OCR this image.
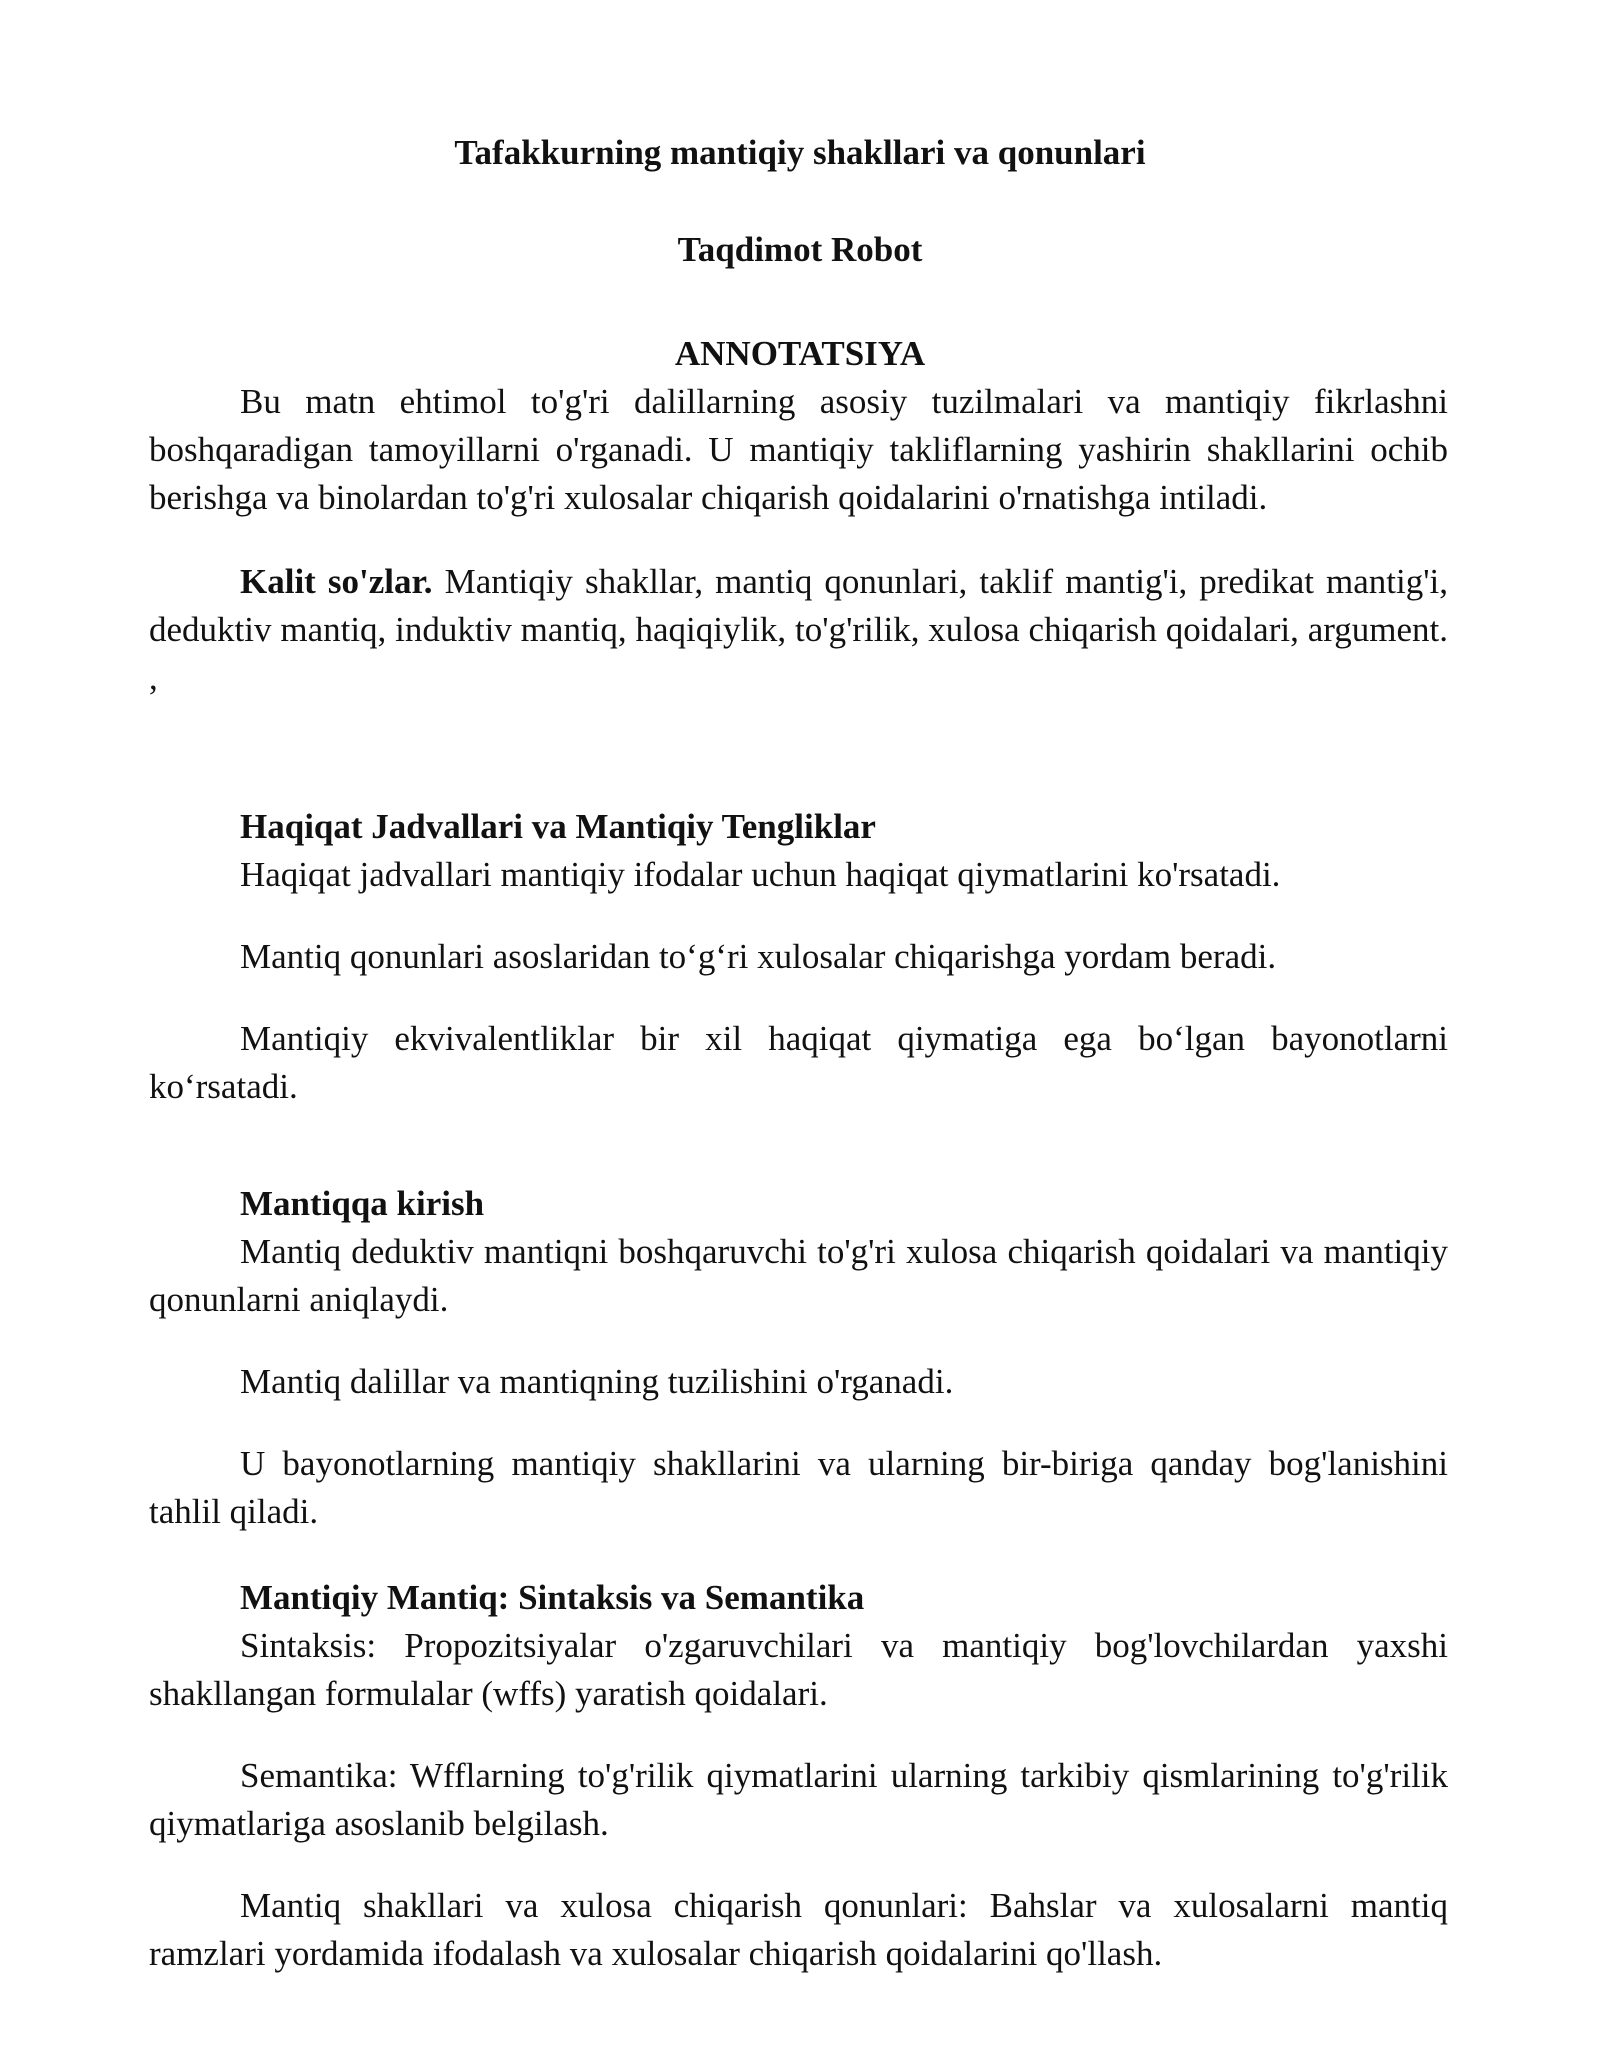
Tafakkurning mantiqiy shakllari va qonunlari
Taqdimot Robot
ANNOTATSIYA

Bu matn ehtimol to'g'ri dalillarning asosiy tuzilmalari va mantiqiy fikrlashni boshqaradigan tamoyillarni o'rganadi. U mantiqiy takliflarning yashirin shakllarini ochib berishga va binolardan to'g'ri xulosalar chiqarish qoidalarini o'rnatishga intiladi.

Kalit so'zlar. Mantiqiy shakllar, mantiq qonunlari, taklif mantig'i, predikat mantig'i, deduktiv mantiq, induktiv mantiq, haqiqiylik, to'g'rilik, xulosa chiqarish qoidalari, argument. ,

Haqiqat Jadvallari va Mantiqiy Tengliklar

Haqiqat jadvallari mantiqiy ifodalar uchun haqiqat qiymatlarini ko'rsatadi.

Mantiq qonunlari asoslaridan to‘g‘ri xulosalar chiqarishga yordam beradi.

Mantiqiy ekvivalentliklar bir xil haqiqat qiymatiga ega bo‘lgan bayonotlarni ko‘rsatadi.

Mantiqqa kirish

Mantiq deduktiv mantiqni boshqaruvchi to'g'ri xulosa chiqarish qoidalari va mantiqiy qonunlarni aniqlaydi.

Mantiq dalillar va mantiqning tuzilishini o'rganadi.

U bayonotlarning mantiqiy shakllarini va ularning bir-biriga qanday bog'lanishini tahlil qiladi.

Mantiqiy Mantiq: Sintaksis va Semantika

Sintaksis: Propozitsiyalar o'zgaruvchilari va mantiqiy bog'lovchilardan yaxshi shakllangan formulalar (wffs) yaratish qoidalari.

Semantika: Wfflarning to'g'rilik qiymatlarini ularning tarkibiy qismlarining to'g'rilik qiymatlariga asoslanib belgilash.

Mantiq shakllari va xulosa chiqarish qonunlari: Bahslar va xulosalarni mantiq ramzlari yordamida ifodalash va xulosalar chiqarish qoidalarini qo'llash.
